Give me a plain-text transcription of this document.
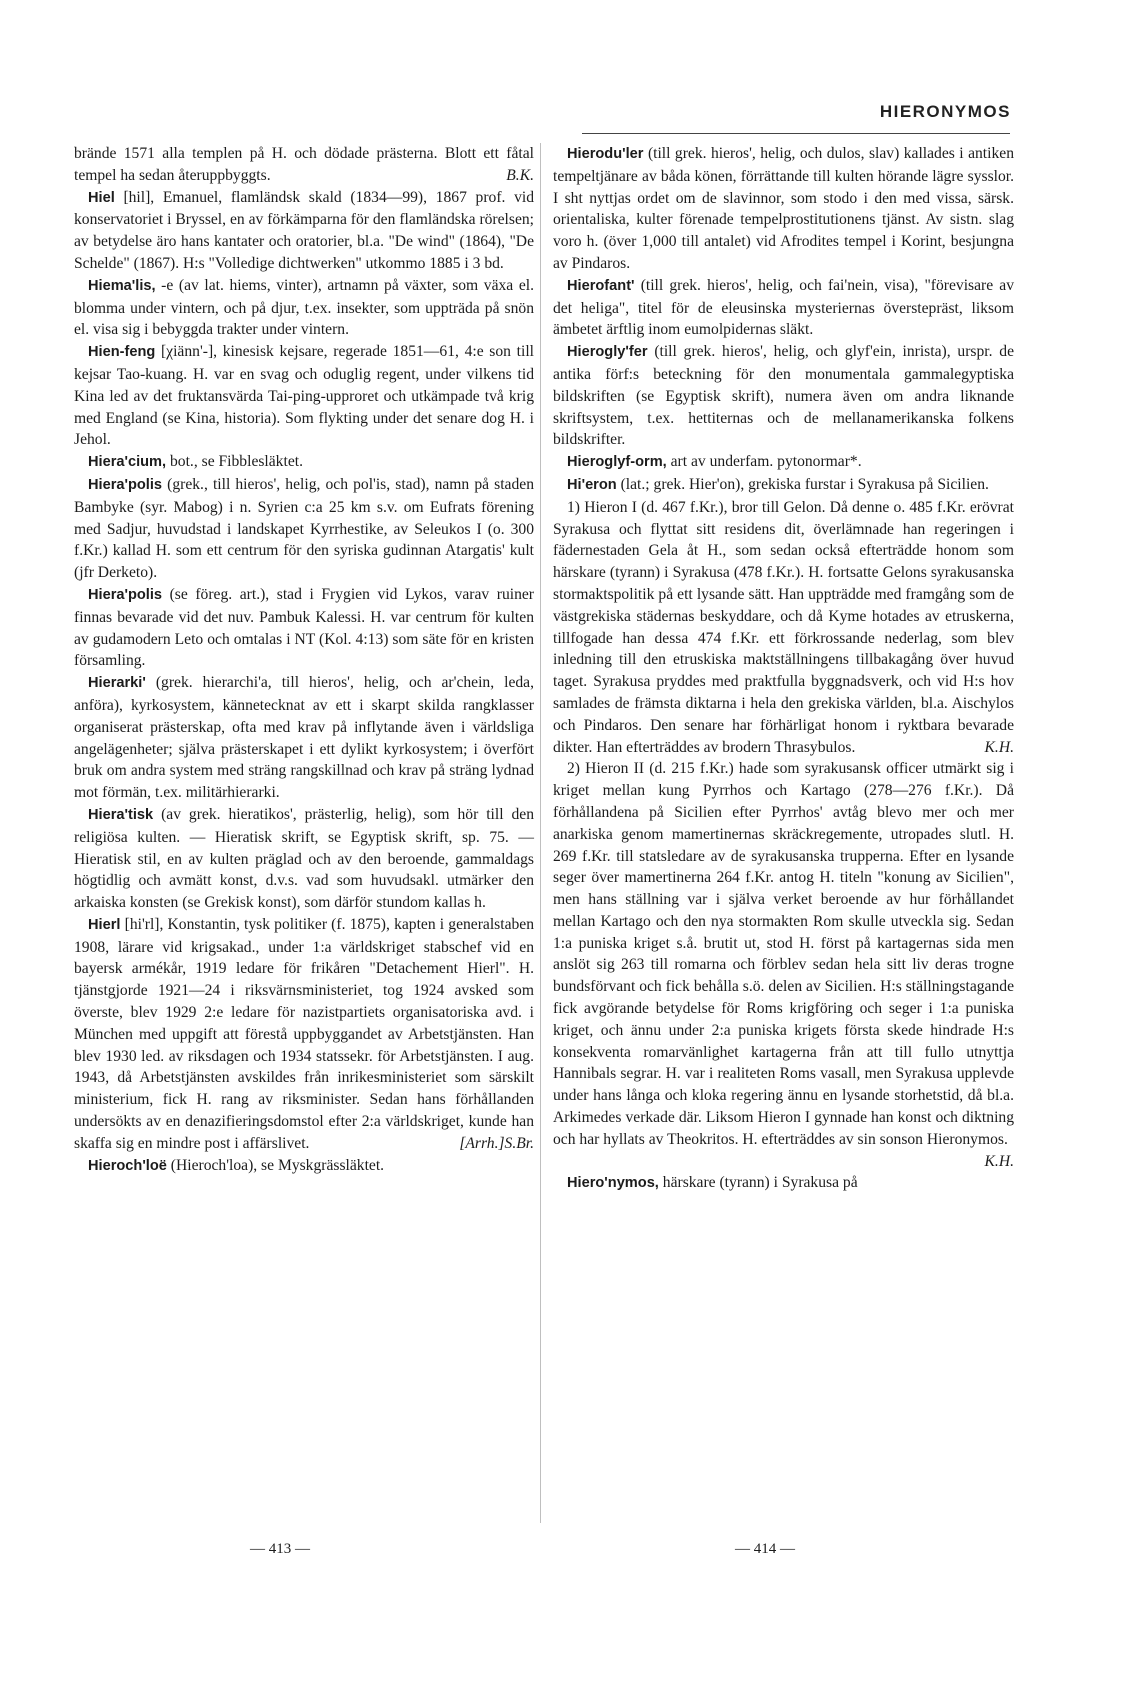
HIERONYMOS

brände 1571 alla templen på H. och dödade prästerna. Blott ett fåtal tempel ha sedan återuppbyggts.	B.K.

Hiel [hil], Emanuel, flamländsk skald (1834—99), 1867 prof. vid konservatoriet i Bryssel, en av förkämparna för den flamländska rörelsen; av betydelse äro hans kantater och oratorier, bl.a. "De wind" (1864), "De Schelde" (1867). H:s "Volledige dichtwerken" utkommo 1885 i 3 bd.

Hiema'lis, -e (av lat. hiems, vinter), artnamn på växter, som växa el. blomma under vintern, och på djur, t.ex. insekter, som uppträda på snön el. visa sig i bebyggda trakter under vintern.

Hien-feng [χiänn'-], kinesisk kejsare, regerade 1851—61, 4:e son till kejsar Tao-kuang. H. var en svag och oduglig regent, under vilkens tid Kina led av det fruktansvärda Tai-ping-upproret och utkämpade två krig med England (se Kina, historia). Som flykting under det senare dog H. i Jehol.

Hiera'cium, bot., se Fibblesläktet.

Hiera'polis (grek., till hieros', helig, och pol'is, stad), namn på staden Bambyke (syr. Mabog) i n. Syrien c:a 25 km s.v. om Eufrats förening med Sadjur, huvudstad i landskapet Kyrrhestike, av Seleukos I (o. 300 f.Kr.) kallad H. som ett centrum för den syriska gudinnan Atargatis' kult (jfr Derketo).

Hiera'polis (se föreg. art.), stad i Frygien vid Lykos, varav ruiner finnas bevarade vid det nuv. Pambuk Kalessi. H. var centrum för kulten av gudamodern Leto och omtalas i NT (Kol. 4:13) som säte för en kristen församling.

Hierarki' (grek. hierarchi'a, till hieros', helig, och ar'chein, leda, anföra), kyrkosystem, kännetecknat av ett i skarpt skilda rangklasser organiserat prästerskap, ofta med krav på inflytande även i världsliga angelägenheter; själva prästerskapet i ett dylikt kyrkosystem; i överfört bruk om andra system med sträng rangskillnad och krav på sträng lydnad mot förmän, t.ex. militärhierarki.

Hiera'tisk (av grek. hieratikos', prästerlig, helig), som hör till den religiösa kulten. — Hieratisk skrift, se Egyptisk skrift, sp. 75. — Hieratisk stil, en av kulten präglad och av den beroende, gammaldags högtidlig och avmätt konst, d.v.s. vad som huvudsakl. utmärker den arkaiska konsten (se Grekisk konst), som därför stundom kallas h.

Hierl [hi'rl], Konstantin, tysk politiker (f. 1875), kapten i generalstaben 1908, lärare vid krigsakad., under 1:a världskriget stabschef vid en bayersk armékår, 1919 ledare för frikåren "Detachement Hierl". H. tjänstgjorde 1921—24 i riksvärnsministeriet, tog 1924 avsked som överste, blev 1929 2:e ledare för nazistpartiets organisatoriska avd. i München med uppgift att förestå uppbyggandet av Arbetstjänsten. Han blev 1930 led. av riksdagen och 1934 statssekr. för Arbetstjänsten. I aug. 1943, då Arbetstjänsten avskildes från inrikesministeriet som särskilt ministerium, fick H. rang av riksminister. Sedan hans förhållanden undersökts av en denazifieringsdomstol efter 2:a världskriget, kunde han skaffa sig en mindre post i affärslivet.	[Arrh.]S.Br.

Hieroch'loë (Hieroch'loa), se Myskgrässläktet.

Hierodu'ler (till grek. hieros', helig, och dulos, slav) kallades i antiken tempeltjänare av båda könen, förrättande till kulten hörande lägre sysslor. I sht nyttjas ordet om de slavinnor, som stodo i den med vissa, särsk. orientaliska, kulter förenade tempelprostitutionens tjänst. Av sistn. slag voro h. (över 1,000 till antalet) vid Afrodites tempel i Korint, besjungna av Pindaros.

Hierofant' (till grek. hieros', helig, och fai'nein, visa), "förevisare av det heliga", titel för de eleusinska mysteriernas överstepräst, liksom ämbetet ärftlig inom eumolpidernas släkt.

Hieroglyʹfer (till grek. hieros', helig, och glyf'ein, inrista), urspr. de antika förf:s beteckning för den monumentala gammalegyptiska bildskriften (se Egyptisk skrift), numera även om andra liknande skriftsystem, t.ex. hettiternas och de mellanamerikanska folkens bildskrifter.

Hieroglyf-orm, art av underfam. pytonormar*.

Hi'eron (lat.; grek. Hier'on), grekiska furstar i Syrakusa på Sicilien.

1) Hieron I (d. 467 f.Kr.), bror till Gelon. Då denne o. 485 f.Kr. erövrat Syrakusa och flyttat sitt residens dit, överlämnade han regeringen i fädernestaden Gela åt H., som sedan också efterträdde honom som härskare (tyrann) i Syrakusa (478 f.Kr.). H. fortsatte Gelons syrakusanska stormaktspolitik på ett lysande sätt. Han uppträdde med framgång som de västgrekiska städernas beskyddare, och då Kyme hotades av etruskerna, tillfogade han dessa 474 f.Kr. ett förkrossande nederlag, som blev inledning till den etruskiska maktställningens tillbakagång över huvud taget. Syrakusa pryddes med praktfulla byggnadsverk, och vid H:s hov samlades de främsta diktarna i hela den grekiska världen, bl.a. Aischylos och Pindaros. Den senare har förhärligat honom i ryktbara bevarade dikter. Han efterträddes av brodern Thrasybulos.	K.H.

2) Hieron II (d. 215 f.Kr.) hade som syrakusansk officer utmärkt sig i kriget mellan kung Pyrrhos och Kartago (278—276 f.Kr.). Då förhållandena på Sicilien efter Pyrrhos' avtåg blevo mer och mer anarkiska genom mamertinernas skräckregemente, utropades slutl. H. 269 f.Kr. till statsledare av de syrakusanska trupperna. Efter en lysande seger över mamertinerna 264 f.Kr. antog H. titeln "konung av Sicilien", men hans ställning var i själva verket beroende av hur förhållandet mellan Kartago och den nya stormakten Rom skulle utveckla sig. Sedan 1:a puniska kriget s.å. brutit ut, stod H. först på kartagernas sida men anslöt sig 263 till romarna och förblev sedan hela sitt liv deras trogne bundsförvant och fick behålla s.ö. delen av Sicilien. H:s ställningstagande fick avgörande betydelse för Roms krigföring och seger i 1:a puniska kriget, och ännu under 2:a puniska krigets första skede hindrade H:s konsekventa romarvänlighet kartagerna från att till fullo utnyttja Hannibals segrar. H. var i realiteten Roms vasall, men Syrakusa upplevde under hans långa och kloka regering ännu en lysande storhetstid, då bl.a. Arkimedes verkade där. Liksom Hieron I gynnade han konst och diktning och har hyllats av Theokritos. H. efterträddes av sin sonson Hieronymos.
K.H.

Hiero'nymos, härskare (tyrann) i Syrakusa på

— 413 —	— 414 —
